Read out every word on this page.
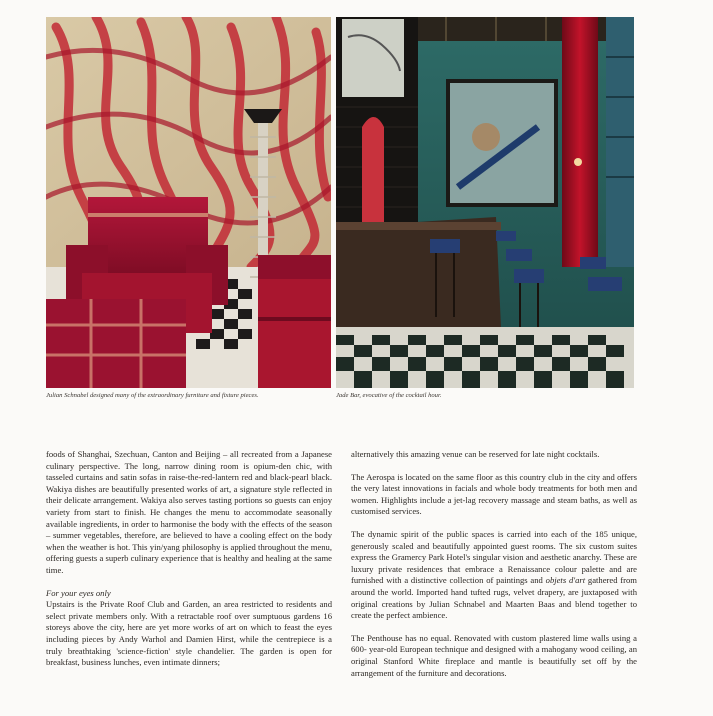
Julian Schnabel designed many of the extraordinary furniture and fixture pieces.	Jade Bar, evocative of the cocktail hour.

foods of Shanghai, Szechuan, Canton and Beijing – all recreated from a Japanese culinary perspective. The long, narrow dining room is opium-den chic, with tasseled curtains and satin sofas in raise-the-red-lantern red and black-pearl black. Wakiya dishes are beautifully presented works of art, a signature style reflected in their delicate arrangement. Wakiya also serves tasting portions so guests can enjoy variety from start to finish. He changes the menu to accommodate seasonally available ingredients, in order to harmonise the body with the effects of the season – summer vegetables, therefore, are believed to have a cooling effect on the body when the weather is hot. This yin/yang philosophy is applied throughout the menu, offering guests a superb culinary experience that is healthy and healing at the same time.

For your eyes only

Upstairs is the Private Roof Club and Garden, an area restricted to residents and select private members only. With a retractable roof over sumptuous gardens 16 storeys above the city, here are yet more works of art on which to feast the eyes including pieces by Andy Warhol and Damien Hirst, while the centrepiece is a truly breathtaking 'science-fiction' style chandelier. The garden is open for breakfast, business lunches, even intimate dinners;

alternatively this amazing venue can be reserved for late night cocktails.

The Aerospa is located on the same floor as this country club in the city and offers the very latest innovations in facials and whole body treatments for both men and women. Highlights include a jet-lag recovery massage and steam baths, as well as customised services.

The dynamic spirit of the public spaces is carried into each of the 185 unique, generously scaled and beautifully appointed guest rooms. The six custom suites express the Gramercy Park Hotel's singular vision and aesthetic anarchy. These are luxury private residences that embrace a Renaissance colour palette and are furnished with a distinctive collection of paintings and objets d'art gathered from around the world. Imported hand tufted rugs, velvet drapery, are juxtaposed with original creations by Julian Schnabel and Maarten Baas and blend together to create the perfect ambience.

The Penthouse has no equal. Renovated with custom plastered lime walls using a 600- year-old European technique and designed with a mahogany wood ceiling, an original Stanford White fireplace and mantle is beautifully set off by the arrangement of the furniture and decorations.
